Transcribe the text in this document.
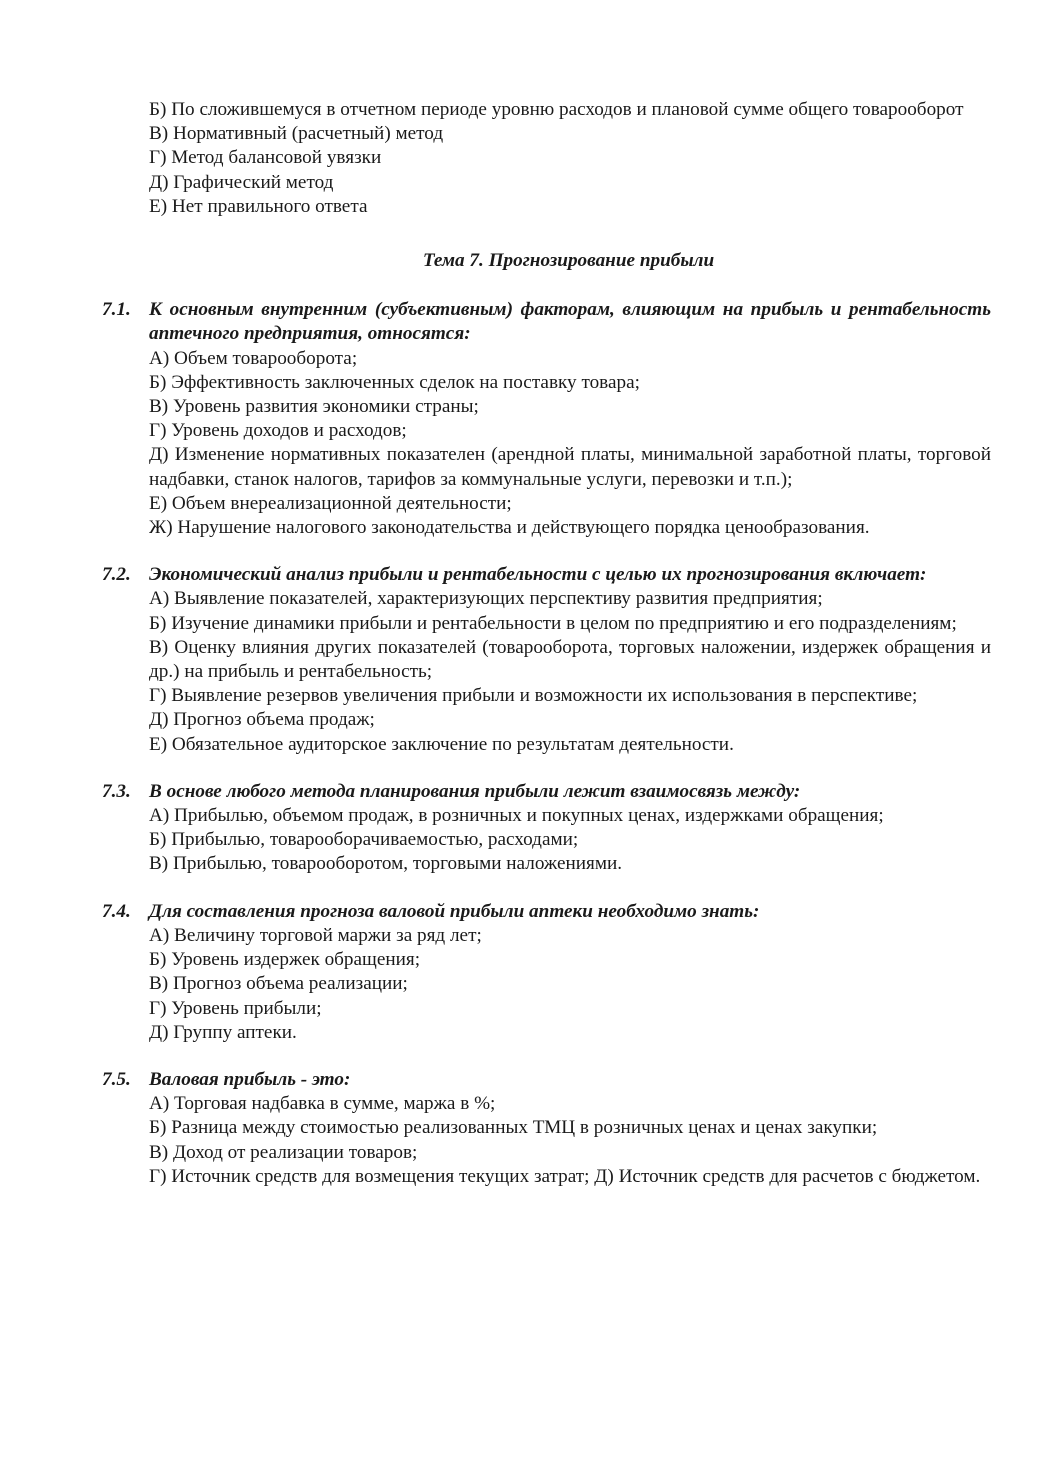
Б) По сложившемуся в отчетном периоде уровню расходов и плановой сумме общего товарооборот
В) Нормативный (расчетный) метод
Г) Метод балансовой увязки
Д) Графический метод
Е) Нет правильного ответа
Тема 7. Прогнозирование прибыли
7.1. К основным внутренним (субъективным) факторам, влияющим на прибыль и рентабельность аптечного предприятия, относятся:
А) Объем товарооборота;
Б) Эффективность заключенных сделок на поставку товара;
В) Уровень развития экономики страны;
Г) Уровень доходов и расходов;
Д) Изменение нормативных показателен (арендной платы, минимальной заработной платы, торговой надбавки, станок налогов, тарифов за коммунальные услуги, перевозки и т.п.);
Е) Объем внереализационной деятельности;
Ж) Нарушение налогового законодательства и действующего порядка ценообразования.
7.2. Экономический анализ прибыли и рентабельности с целью их прогнозирования включает:
А) Выявление показателей, характеризующих перспективу развития предприятия;
Б) Изучение динамики прибыли и рентабельности в целом по предприятию и его подразделениям;
В) Оценку влияния других показателей (товарооборота, торговых наложении, издержек обращения и др.) на прибыль и рентабельность;
Г) Выявление резервов увеличения прибыли и возможности их использования в перспективе;
Д) Прогноз объема продаж;
Е) Обязательное аудиторское заключение по результатам деятельности.
7.3. В основе любого метода планирования прибыли лежит взаимосвязь между:
А) Прибылью, объемом продаж, в розничных и покупных ценах, издержками обращения;
Б) Прибылью, товарооборачиваемостью, расходами;
В) Прибылью, товарооборотом, торговыми наложениями.
7.4. Для составления прогноза валовой прибыли аптеки необходимо знать:
А) Величину торговой маржи за ряд лет;
Б) Уровень издержек обращения;
В) Прогноз объема реализации;
Г) Уровень прибыли;
Д) Группу аптеки.
7.5. Валовая прибыль - это:
А) Торговая надбавка в сумме, маржа в %;
Б) Разница между стоимостью реализованных ТМЦ в розничных ценах и ценах закупки;
В) Доход от реализации товаров;
Г) Источник средств для возмещения текущих затрат; Д) Источник средств для расчетов с бюджетом.
